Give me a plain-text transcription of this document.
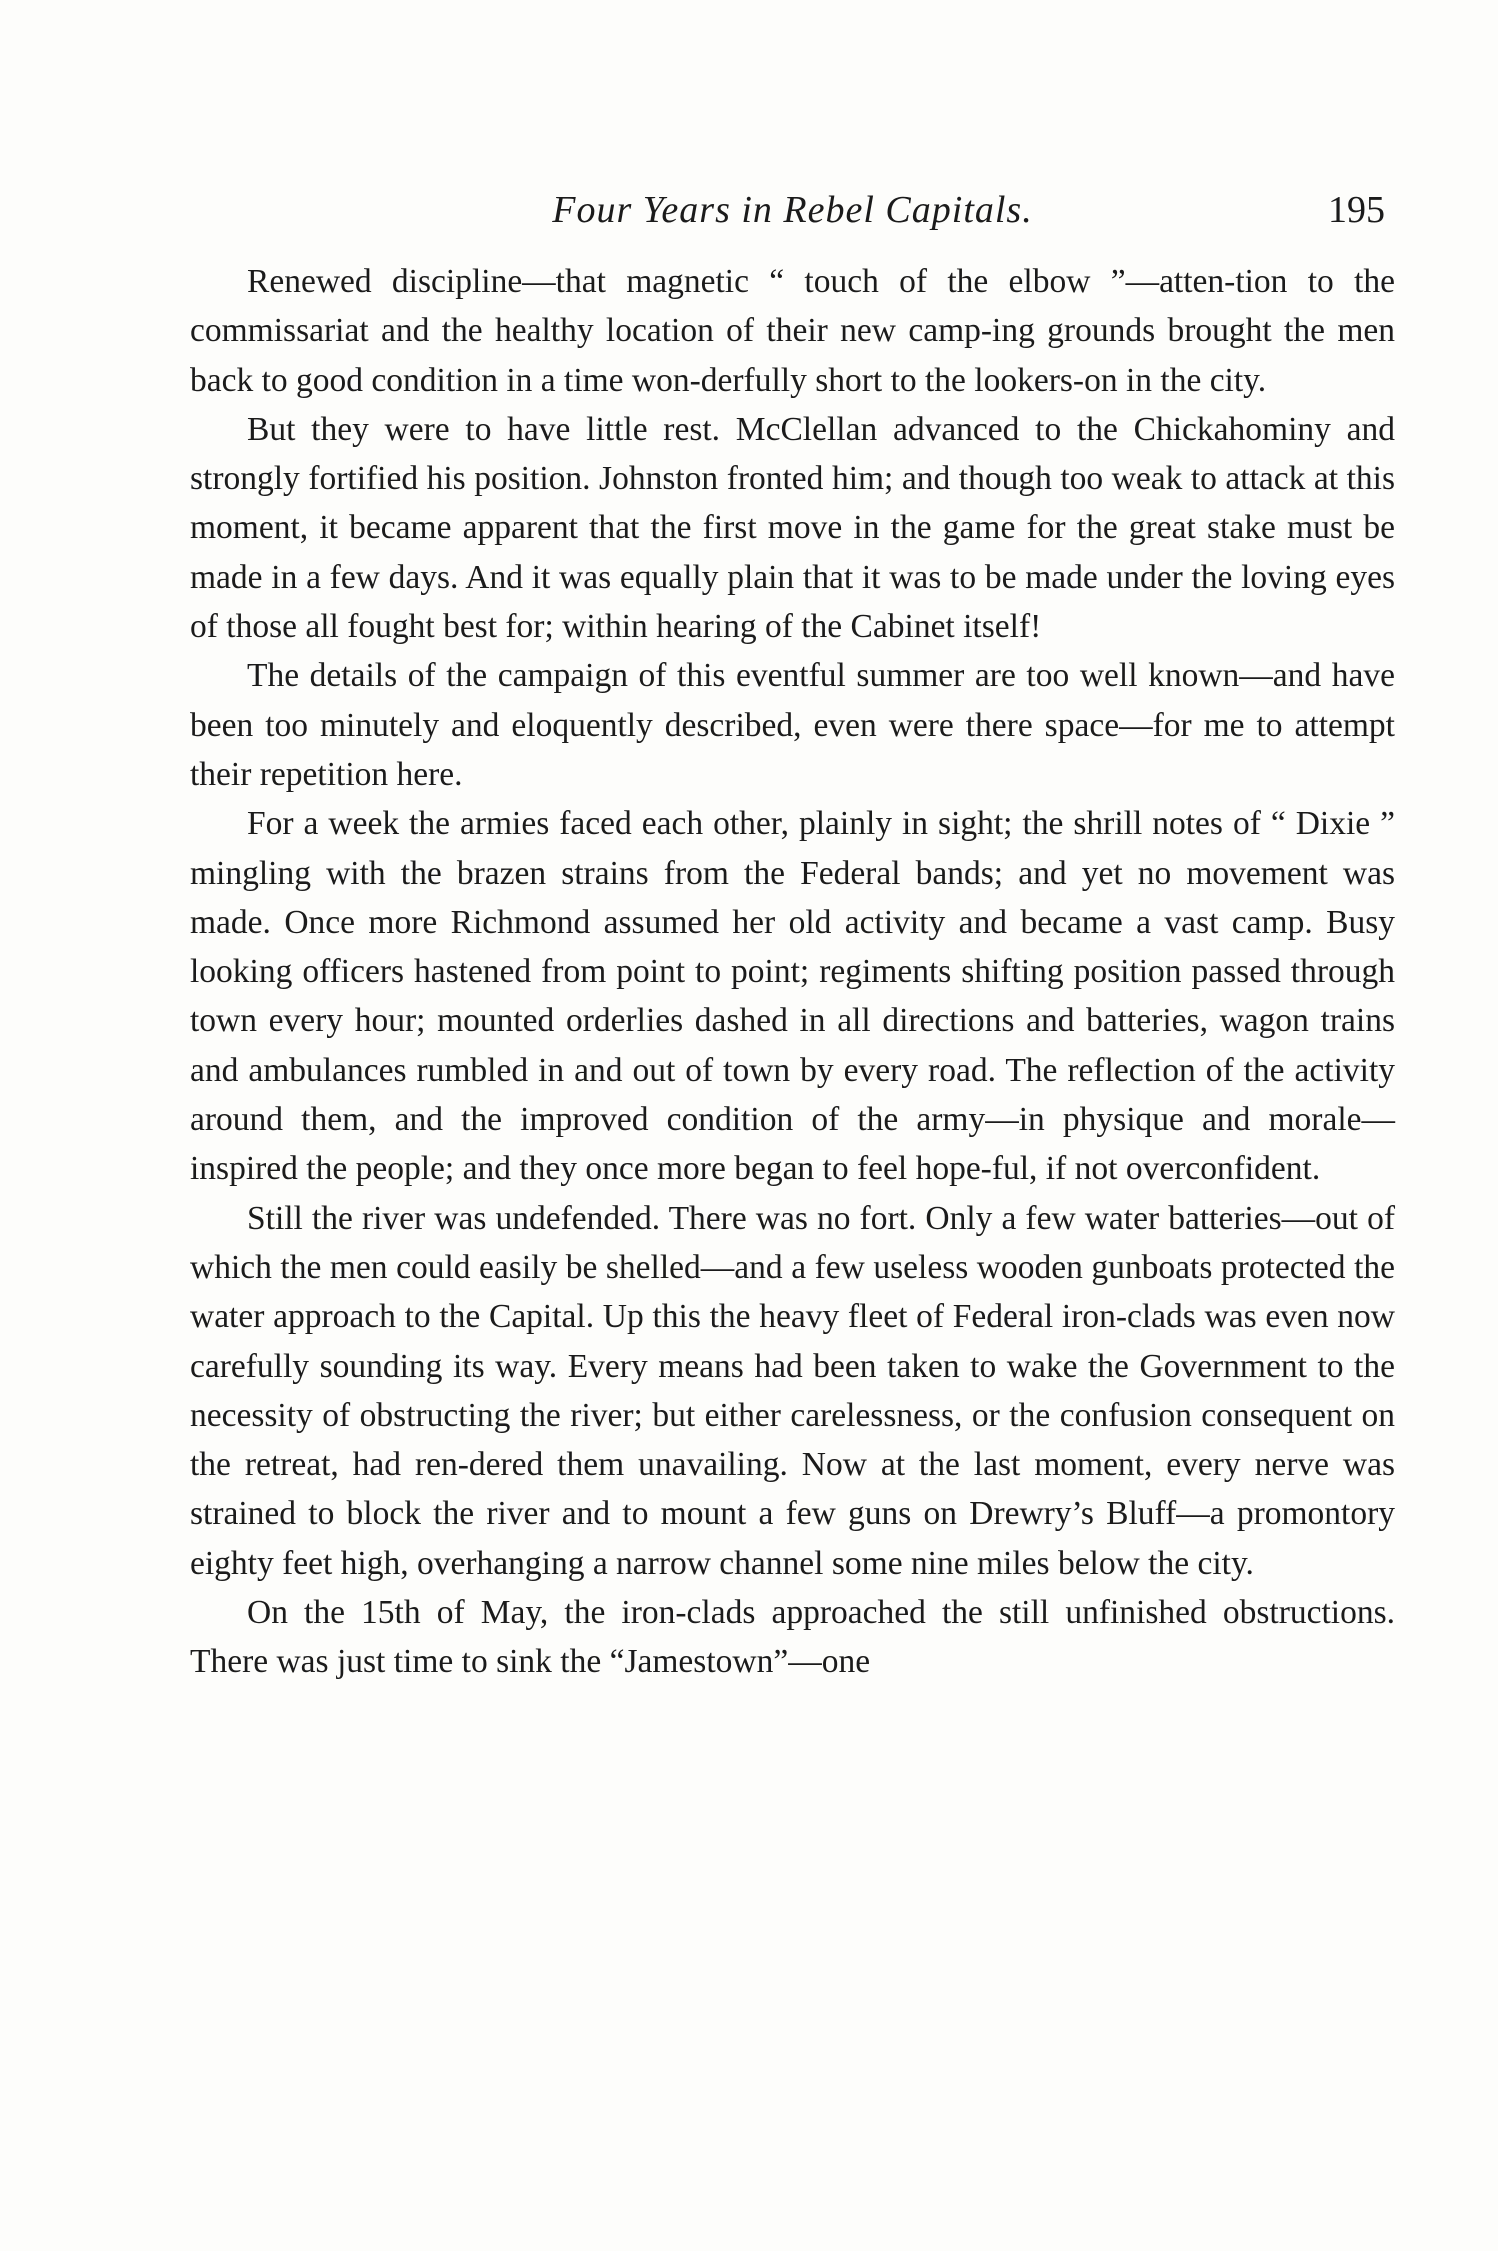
Four Years in Rebel Capitals.	195

Renewed discipline—that magnetic “ touch of the elbow ”—atten-tion to the commissariat and the healthy location of their new camp-ing grounds brought the men back to good condition in a time won-derfully short to the lookers-on in the city.

But they were to have little rest. McClellan advanced to the Chickahominy and strongly fortified his position. Johnston fronted him; and though too weak to attack at this moment, it became apparent that the first move in the game for the great stake must be made in a few days. And it was equally plain that it was to be made under the loving eyes of those all fought best for; within hearing of the Cabinet itself!

The details of the campaign of this eventful summer are too well known—and have been too minutely and eloquently described, even were there space—for me to attempt their repetition here.

For a week the armies faced each other, plainly in sight; the shrill notes of “ Dixie ” mingling with the brazen strains from the Federal bands; and yet no movement was made. Once more Richmond assumed her old activity and became a vast camp. Busy looking officers hastened from point to point; regiments shifting position passed through town every hour; mounted orderlies dashed in all directions and batteries, wagon trains and ambulances rumbled in and out of town by every road. The reflection of the activity around them, and the improved condition of the army—in physique and morale—inspired the people; and they once more began to feel hope-ful, if not overconfident.

Still the river was undefended. There was no fort. Only a few water batteries—out of which the men could easily be shelled—and a few useless wooden gunboats protected the water approach to the Capital. Up this the heavy fleet of Federal iron-clads was even now carefully sounding its way. Every means had been taken to wake the Government to the necessity of obstructing the river; but either carelessness, or the confusion consequent on the retreat, had ren-dered them unavailing. Now at the last moment, every nerve was strained to block the river and to mount a few guns on Drewry’s Bluff—a promontory eighty feet high, overhanging a narrow channel some nine miles below the city.

On the 15th of May, the iron-clads approached the still unfinished obstructions. There was just time to sink the “Jamestown”—one
